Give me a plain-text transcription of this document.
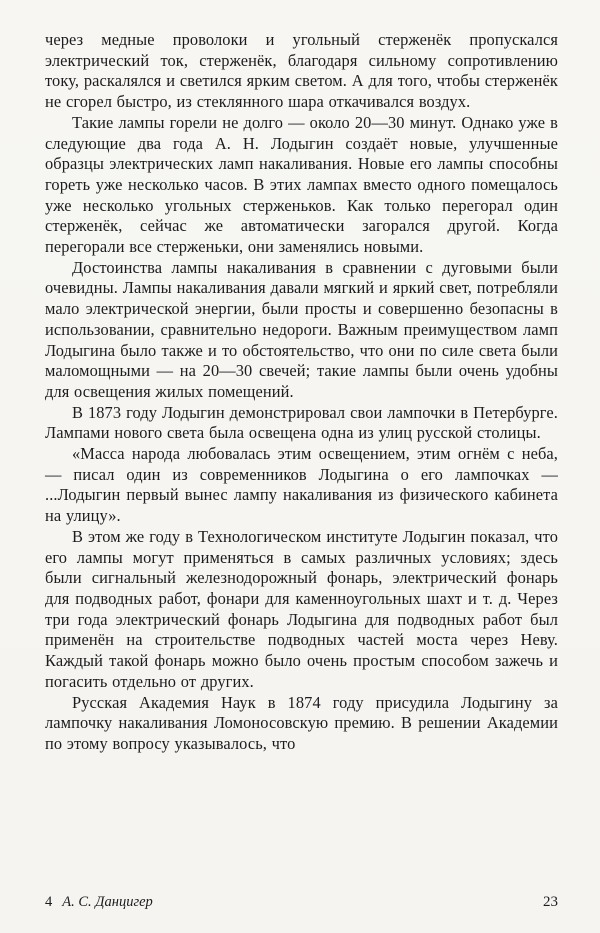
через медные проволоки и угольный стерженёк пропускался электрический ток, стерженёк, благодаря сильному сопротивлению току, раскалялся и светился ярким светом. А для того, чтобы стерженёк не сгорел быстро, из стеклянного шара откачивался воздух.

Такие лампы горели не долго — около 20—30 минут. Однако уже в следующие два года А. Н. Лодыгин создаёт новые, улучшенные образцы электрических ламп накаливания. Новые его лампы способны гореть уже несколько часов. В этих лампах вместо одного помещалось уже несколько угольных стерженьков. Как только перегорал один стерженёк, сейчас же автоматически загорался другой. Когда перегорали все стерженьки, они заменялись новыми.

Достоинства лампы накаливания в сравнении с дуговыми были очевидны. Лампы накаливания давали мягкий и яркий свет, потребляли мало электрической энергии, были просты и совершенно безопасны в использовании, сравнительно недороги. Важным преимуществом ламп Лодыгина было также и то обстоятельство, что они по силе света были маломощными — на 20—30 свечей; такие лампы были очень удобны для освещения жилых помещений.

В 1873 году Лодыгин демонстрировал свои лампочки в Петербурге. Лампами нового света была освещена одна из улиц русской столицы.

«Масса народа любовалась этим освещением, этим огнём с неба, — писал один из современников Лодыгина о его лампочках — ...Лодыгин первый вынес лампу накаливания из физического кабинета на улицу».

В этом же году в Технологическом институте Лодыгин показал, что его лампы могут применяться в самых различных условиях; здесь были сигнальный железнодорожный фонарь, электрический фонарь для подводных работ, фонари для каменноугольных шахт и т. д. Через три года электрический фонарь Лодыгина для подводных работ был применён на строительстве подводных частей моста через Неву. Каждый такой фонарь можно было очень простым способом зажечь и погасить отдельно от других.

Русская Академия Наук в 1874 году присудила Лодыгину за лампочку накаливания Ломоносовскую премию. В решении Академии по этому вопросу указывалось, что

4 А. С. Данцигер	23
